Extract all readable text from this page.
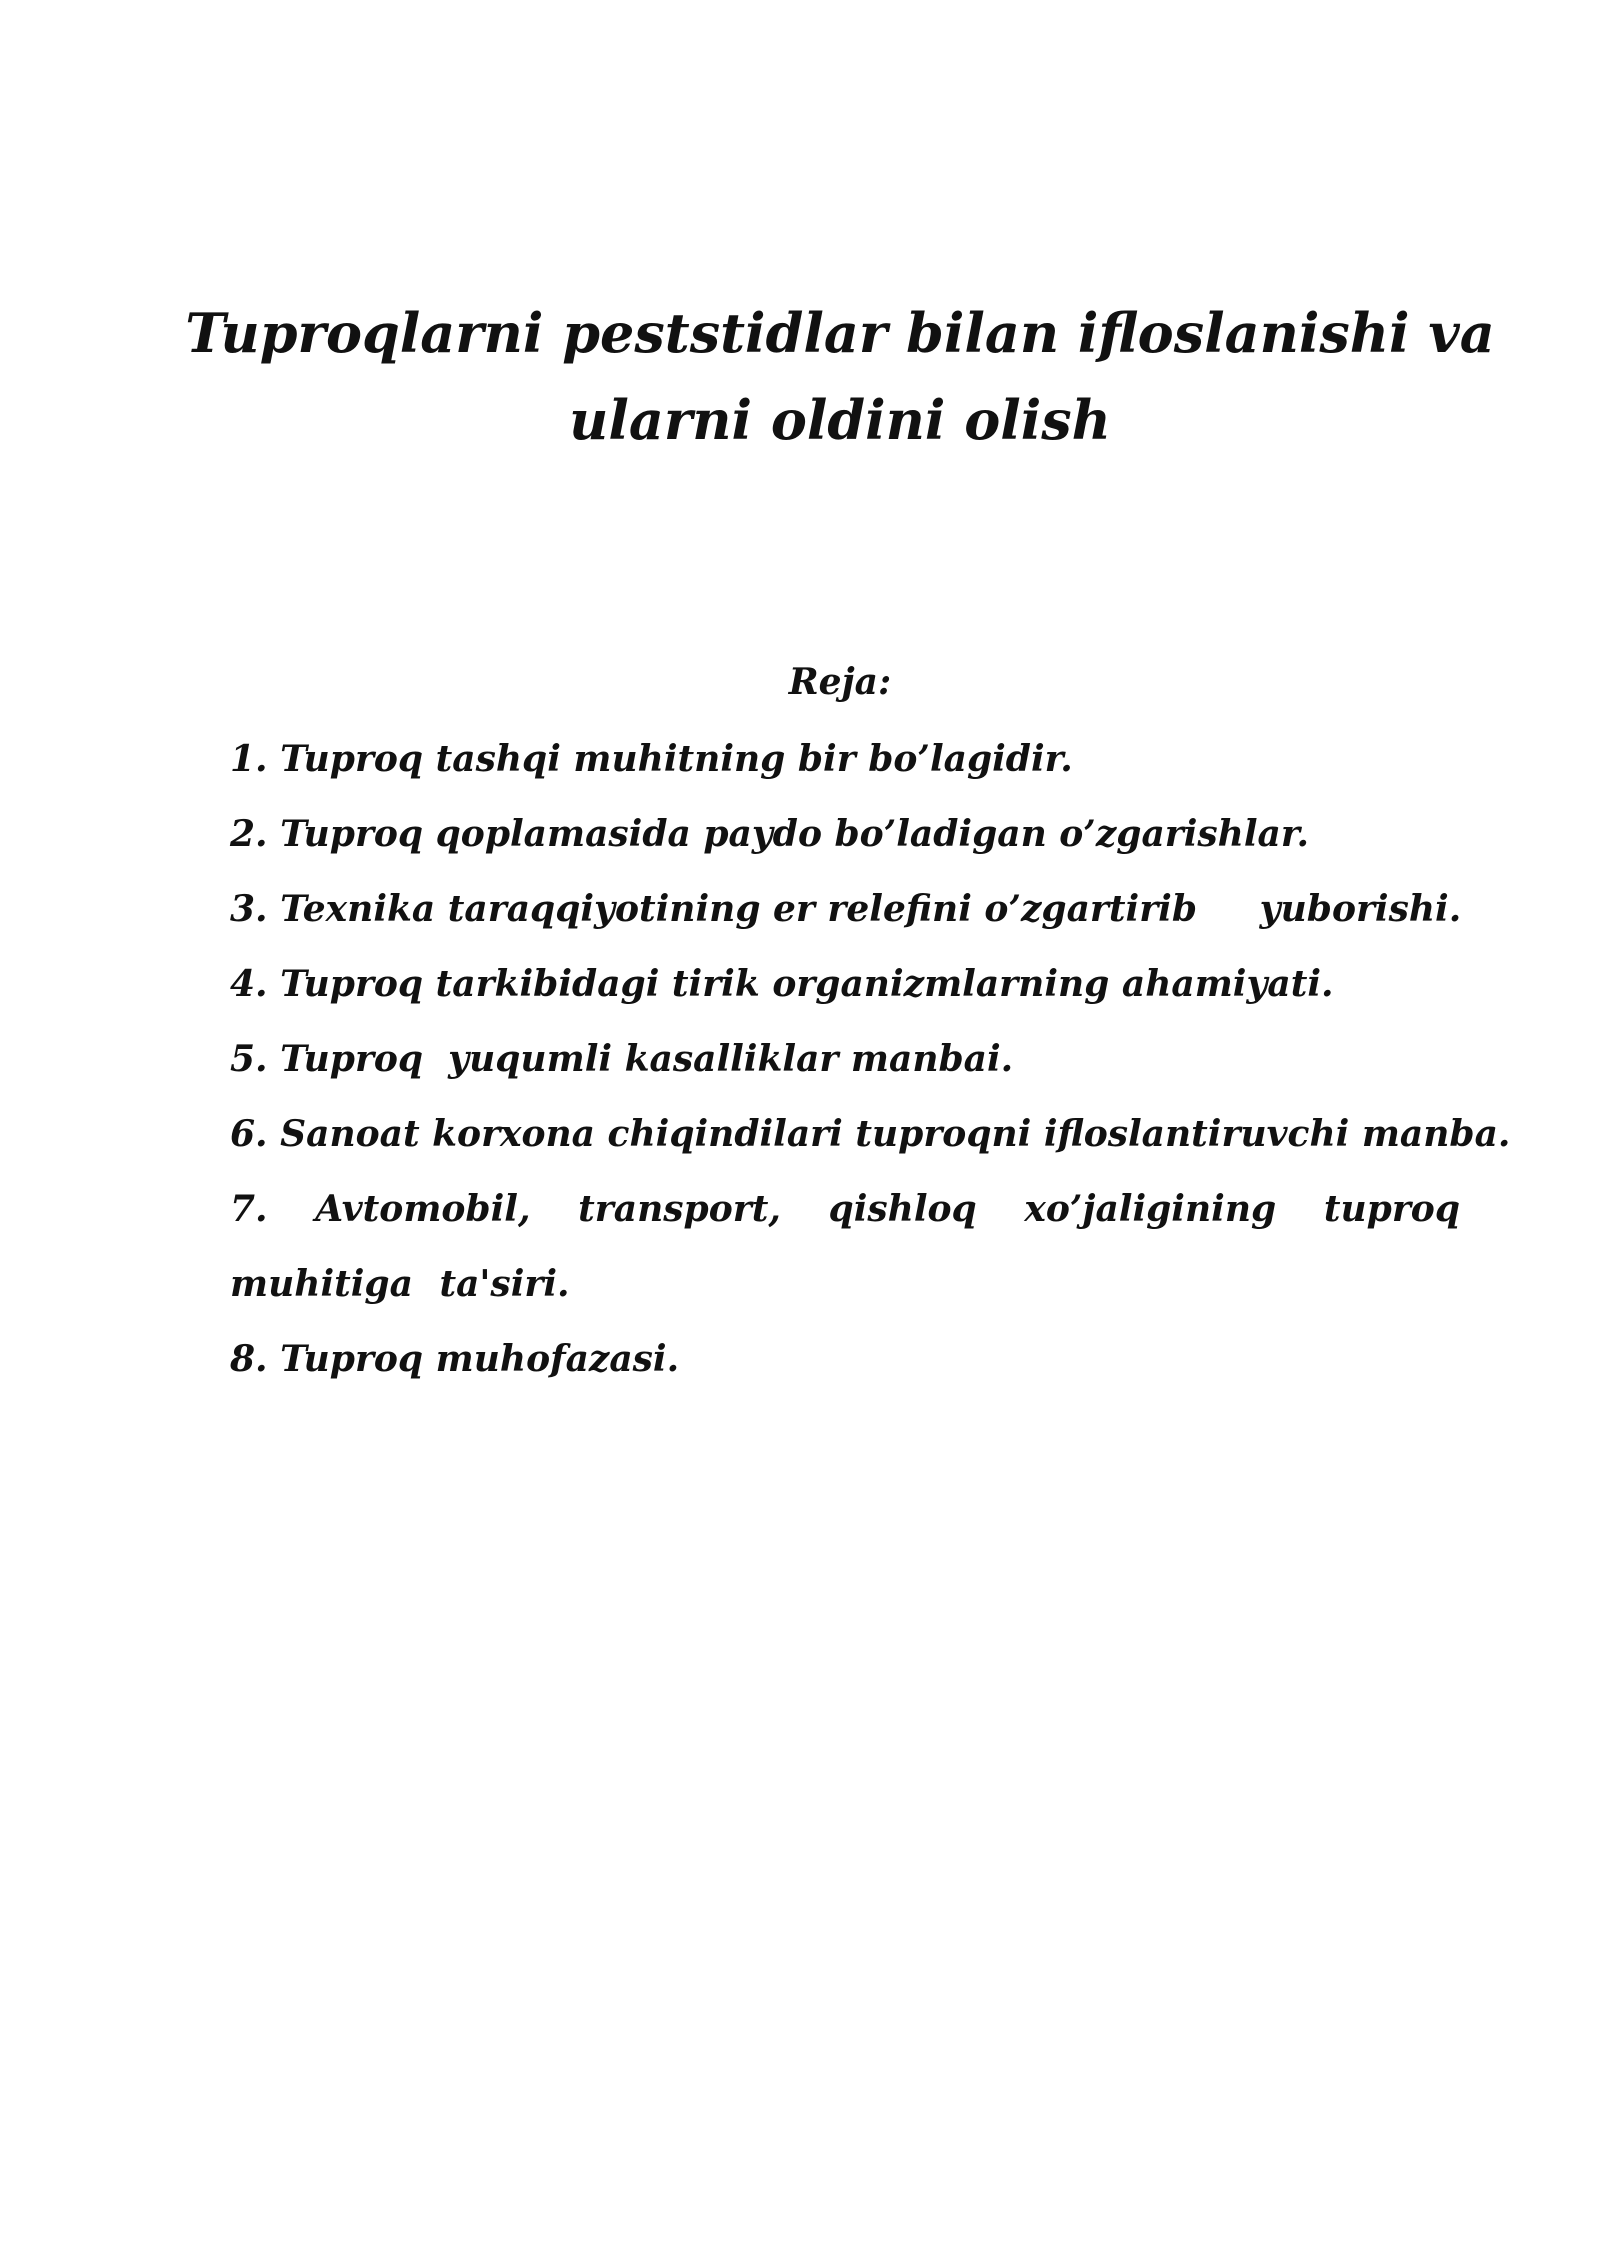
Tuproqlarni peststidlar bilan ifloslanishi va
ularni oldini olish
Reja:
1. Tuproq tashqi muhitning bir bo’lagidir.
2. Tuproq qoplamasida paydo bo’ladigan o’zgarishlar.
3. Texnika taraqqiyotining er relefini o’zgartirib     yuborishi.
4. Tuproq tarkibidagi tirik organizmlarning ahamiyati.
5. Tuproq  yuqumli kasalliklar manbai.
6. Sanoat korxona chiqindilari tuproqni ifloslantiruvchi manba.
7. Avtomobil, transport, qishloq xo’jaligining tuproq muhitiga ta'siri.
8. Tuproq muhofazasi.
